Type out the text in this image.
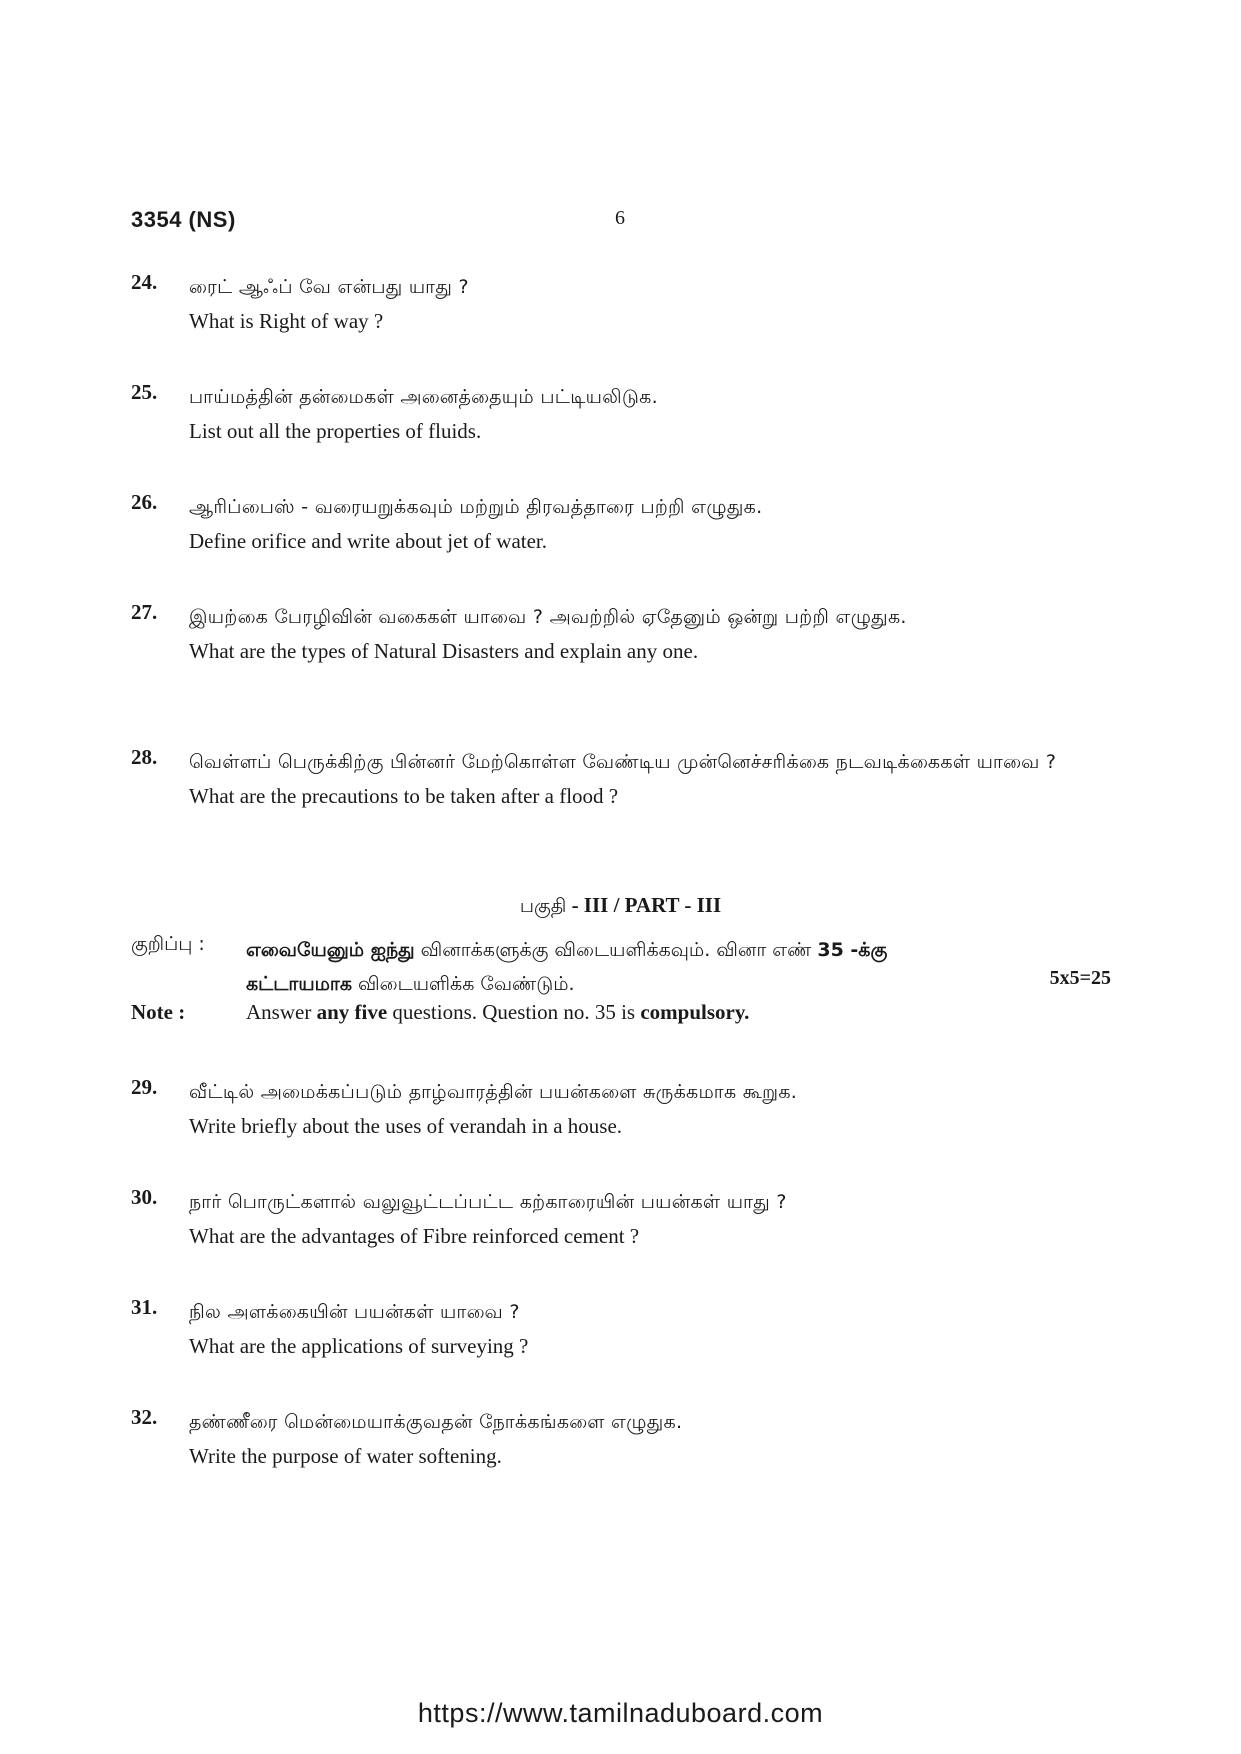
3354 (NS)	6
24. ரைட் ஆஃப் வே என்பது யாது ?
What is Right of way ?
25. பாய்மத்தின் தன்மைகள் அனைத்தையும் பட்டியலிடுக.
List out all the properties of fluids.
26. ஆரிப்பைஸ் - வரையறுக்கவும் மற்றும் திரவத்தாரை பற்றி எழுதுக.
Define orifice and write about jet of water.
27. இயற்கை பேரழிவின் வகைகள் யாவை ? அவற்றில் ஏதேனும் ஒன்று பற்றி எழுதுக.
What are the types of Natural Disasters and explain any one.
28. வெள்ளப் பெருக்கிற்கு பின்னர் மேற்கொள்ள வேண்டிய முன்னெச்சரிக்கை நடவடிக்கைகள் யாவை ?
What are the precautions to be taken after a flood ?
பகுதி - III / PART - III
குறிப்பு : எவையேனும் ஐந்து வினாக்களுக்கு விடையளிக்கவும். வினா எண் 35 -க்கு
கட்டாயமாக விடையளிக்க வேண்டும்.	5x5=25
Note :	Answer any five questions. Question no. 35 is compulsory.
29. வீட்டில் அமைக்கப்படும் தாழ்வாரத்தின் பயன்களை சுருக்கமாக கூறுக.
Write briefly about the uses of verandah in a house.
30. நார் பொருட்களால் வலுவூட்டப்பட்ட கற்காரையின் பயன்கள் யாது ?
What are the advantages of Fibre reinforced cement ?
31. நில அளக்கையின் பயன்கள் யாவை ?
What are the applications of surveying ?
32. தண்ணீரை மென்மையாக்குவதன் நோக்கங்களை எழுதுக.
Write the purpose of water softening.
https://www.tamilnaduboard.com
